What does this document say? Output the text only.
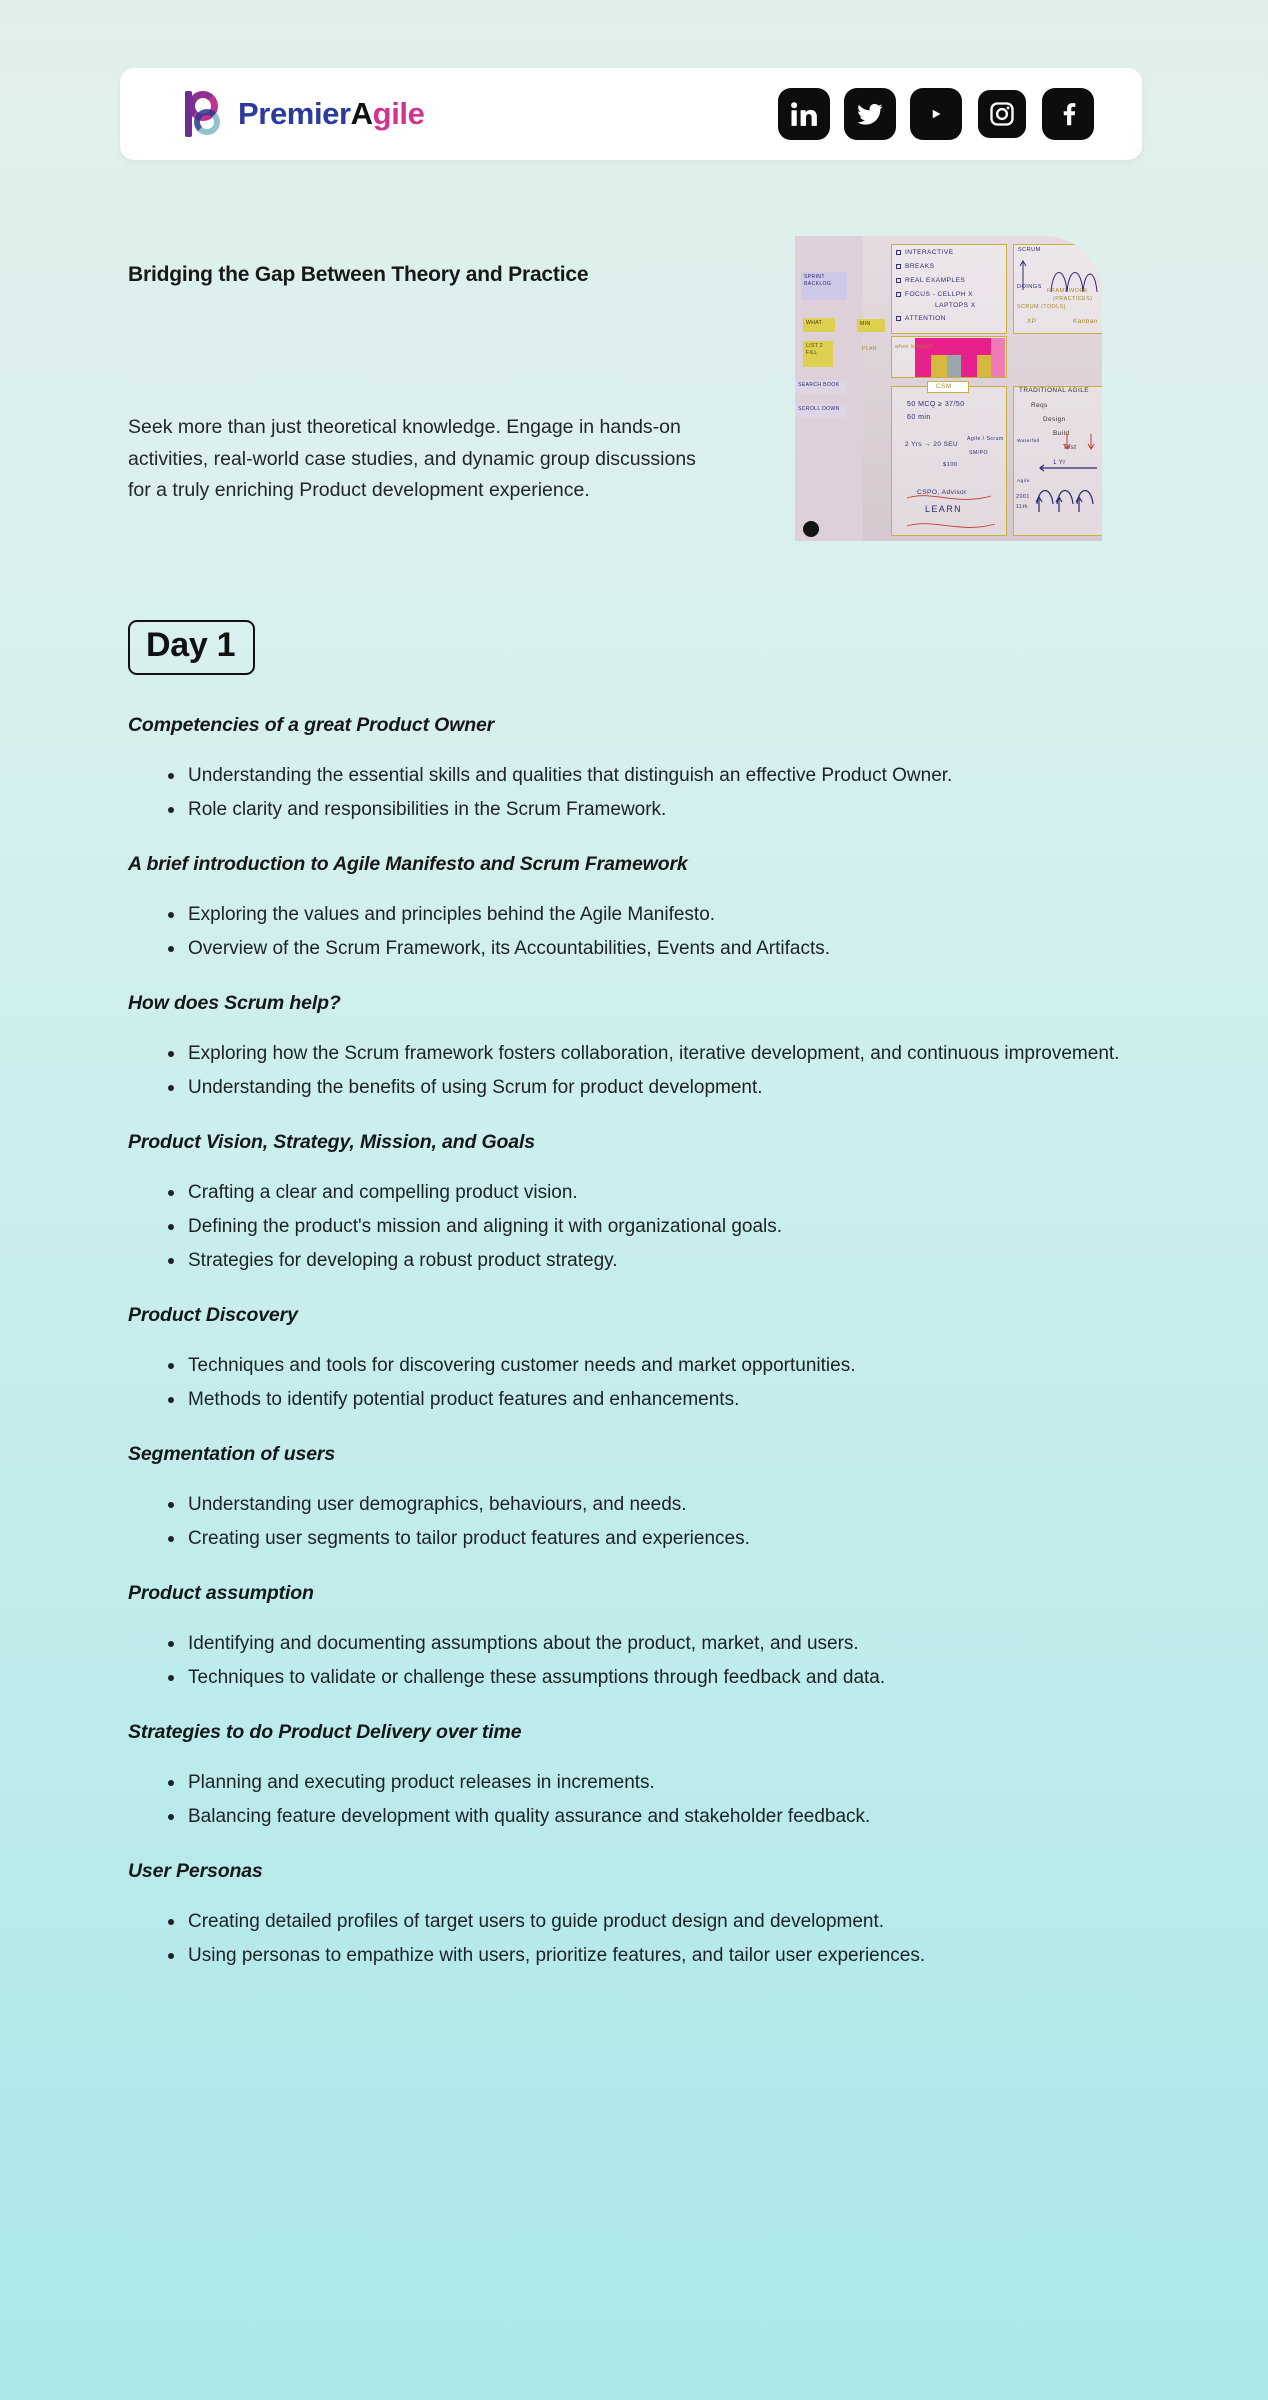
PremierAgile
Bridging the Gap Between Theory and Practice
Seek more than just theoretical knowledge. Engage in hands-on activities, real-world case studies, and dynamic group discussions for a truly enriching Product development experience.
SPRINT BACKLOG
WHAT
LIST 2 FILL
SEARCH BOOK
SCROLL DOWN
MIN
PLAN
INTERACTIVE
BREAKS
REAL EXAMPLES
FOCUS - CELLPH X
LAPTOPS X
ATTENTION
when is Agile?
SCRUM
DOINGS
FRAMEWORK
(PRACTICES)
SCRUM (TOOLS)
XP	Kanban
CSM
50 MCQ ≥ 37/50
60 min
2 Yrs → 20 SEU
Agile / Scrum
SM/PO
$100
CSPO, Advisor
LEARN
TRADITIONAL AGILE
Reqs
Design
Build
Test
Waterfall
1 Yr
Agile
2001
11th
Day 1
Competencies of a great Product Owner
Understanding the essential skills and qualities that distinguish an effective Product Owner.
Role clarity and responsibilities in the Scrum Framework.
A brief introduction to Agile Manifesto and Scrum Framework
Exploring the values and principles behind the Agile Manifesto.
Overview of the Scrum Framework, its Accountabilities, Events and Artifacts.
How does Scrum help?
Exploring how the Scrum framework fosters collaboration, iterative development, and continuous improvement.
Understanding the benefits of using Scrum for product development.
Product Vision, Strategy, Mission, and Goals
Crafting a clear and compelling product vision.
Defining the product's mission and aligning it with organizational goals.
Strategies for developing a robust product strategy.
Product Discovery
Techniques and tools for discovering customer needs and market opportunities.
Methods to identify potential product features and enhancements.
Segmentation of users
Understanding user demographics, behaviours, and needs.
Creating user segments to tailor product features and experiences.
Product assumption
Identifying and documenting assumptions about the product, market, and users.
Techniques to validate or challenge these assumptions through feedback and data.
Strategies to do Product Delivery over time
Planning and executing product releases in increments.
Balancing feature development with quality assurance and stakeholder feedback.
User Personas
Creating detailed profiles of target users to guide product design and development.
Using personas to empathize with users, prioritize features, and tailor user experiences.
